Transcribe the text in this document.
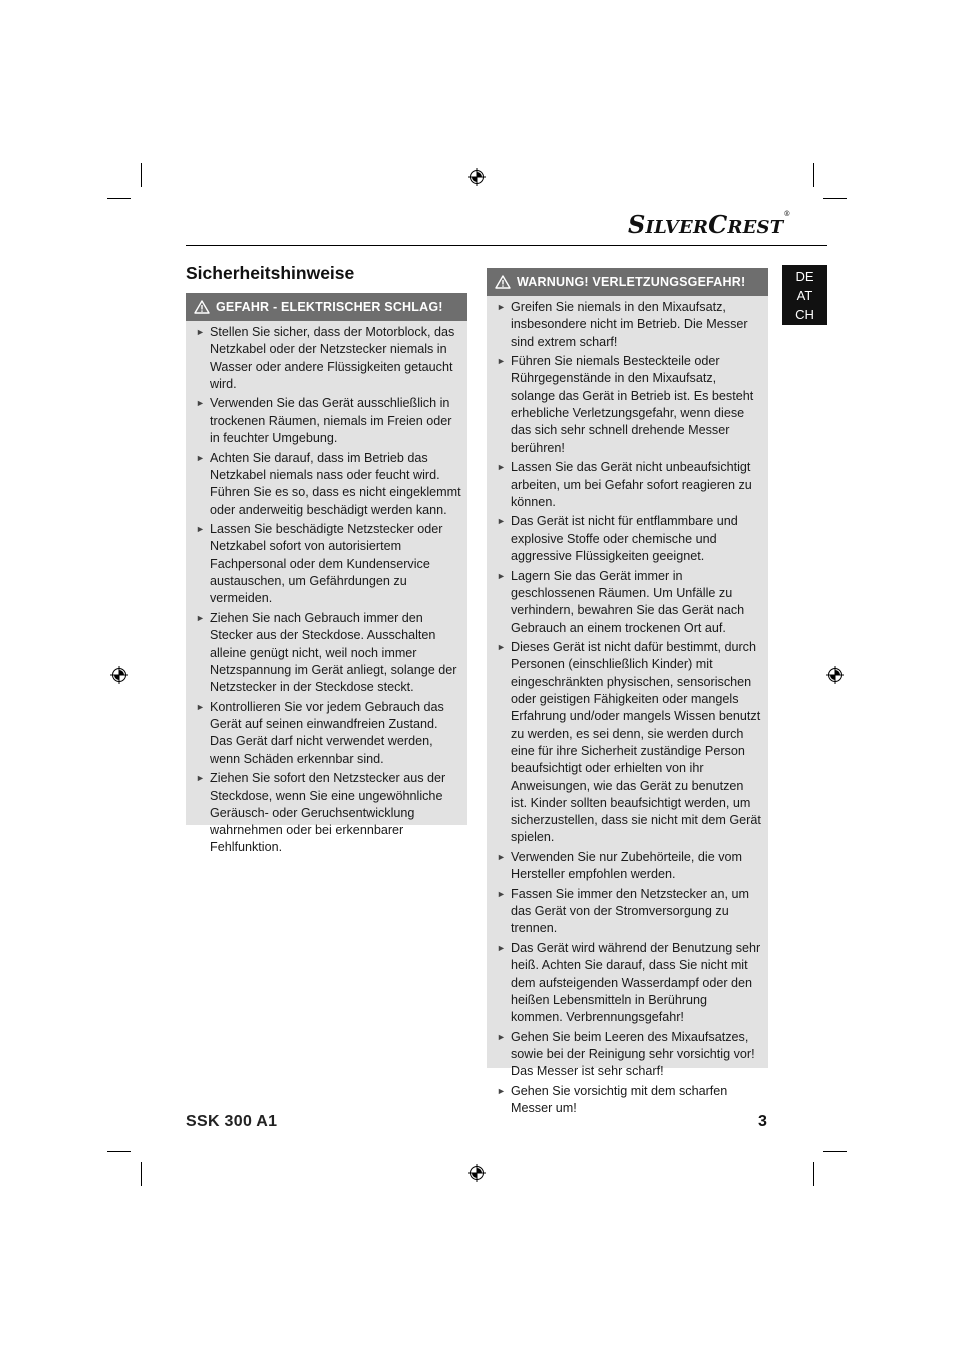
SILVERCREST®
DE
AT
CH
Sicherheitshinweise
GEFAHR - ELEKTRISCHER SCHLAG!
► Stellen Sie sicher, dass der Motorblock, das Netzkabel oder der Netzstecker niemals in Wasser oder andere Flüssigkeiten getaucht wird.
► Verwenden Sie das Gerät ausschließlich in trockenen Räumen, niemals im Freien oder in feuchter Umgebung.
► Achten Sie darauf, dass im Betrieb das Netzkabel niemals nass oder feucht wird. Führen Sie es so, dass es nicht eingeklemmt oder anderweitig beschädigt werden kann.
► Lassen Sie beschädigte Netzstecker oder Netzkabel sofort von autorisiertem Fachpersonal oder dem Kundenservice austauschen, um Gefährdungen zu vermeiden.
► Ziehen Sie nach Gebrauch immer den Stecker aus der Steckdose. Ausschalten alleine genügt nicht, weil noch immer Netzspannung im Gerät anliegt, solange der Netzstecker in der Steckdose steckt.
► Kontrollieren Sie vor jedem Gebrauch das Gerät auf seinen einwandfreien Zustand. Das Gerät darf nicht verwendet werden, wenn Schäden erkennbar sind.
► Ziehen Sie sofort den Netzstecker aus der Steckdose, wenn Sie eine ungewöhnliche Geräusch- oder Geruchsentwicklung wahrnehmen oder bei erkennbarer Fehlfunktion.
WARNUNG! VERLETZUNGSGEFAHR!
► Greifen Sie niemals in den Mixaufsatz, insbesondere nicht im Betrieb. Die Messer sind extrem scharf!
► Führen Sie niemals Besteckteile oder Rührgegenstände in den Mixaufsatz, solange das Gerät in Betrieb ist. Es besteht erhebliche Verletzungsgefahr, wenn diese das sich sehr schnell drehende Messer berühren!
► Lassen Sie das Gerät nicht unbeaufsichtigt arbeiten, um bei Gefahr sofort reagieren zu können.
► Das Gerät ist nicht für entflammbare und explosive Stoffe oder chemische und aggressive Flüssigkeiten geeignet.
► Lagern Sie das Gerät immer in geschlossenen Räumen. Um Unfälle zu verhindern, bewahren Sie das Gerät nach Gebrauch an einem trockenen Ort auf.
► Dieses Gerät ist nicht dafür bestimmt, durch Personen (einschließlich Kinder) mit eingeschränkten physischen, sensorischen oder geistigen Fähigkeiten oder mangels Erfahrung und/oder mangels Wissen benutzt zu werden, es sei denn, sie werden durch eine für ihre Sicherheit zuständige Person beaufsichtigt oder erhielten von ihr Anweisungen, wie das Gerät zu benutzen ist. Kinder sollten beaufsichtigt werden, um sicherzustellen, dass sie nicht mit dem Gerät spielen.
► Verwenden Sie nur Zubehörteile, die vom Hersteller empfohlen werden.
► Fassen Sie immer den Netzstecker an, um das Gerät von der Stromversorgung zu trennen.
► Das Gerät wird während der Benutzung sehr heiß. Achten Sie darauf, dass Sie nicht mit dem aufsteigenden Wasserdampf oder den heißen Lebensmitteln in Berührung kommen. Verbrennungsgefahr!
► Gehen Sie beim Leeren des Mixaufsatzes, sowie bei der Reinigung sehr vorsichtig vor! Das Messer ist sehr scharf!
► Gehen Sie vorsichtig mit dem scharfen Messer um!
SSK 300 A1	3
